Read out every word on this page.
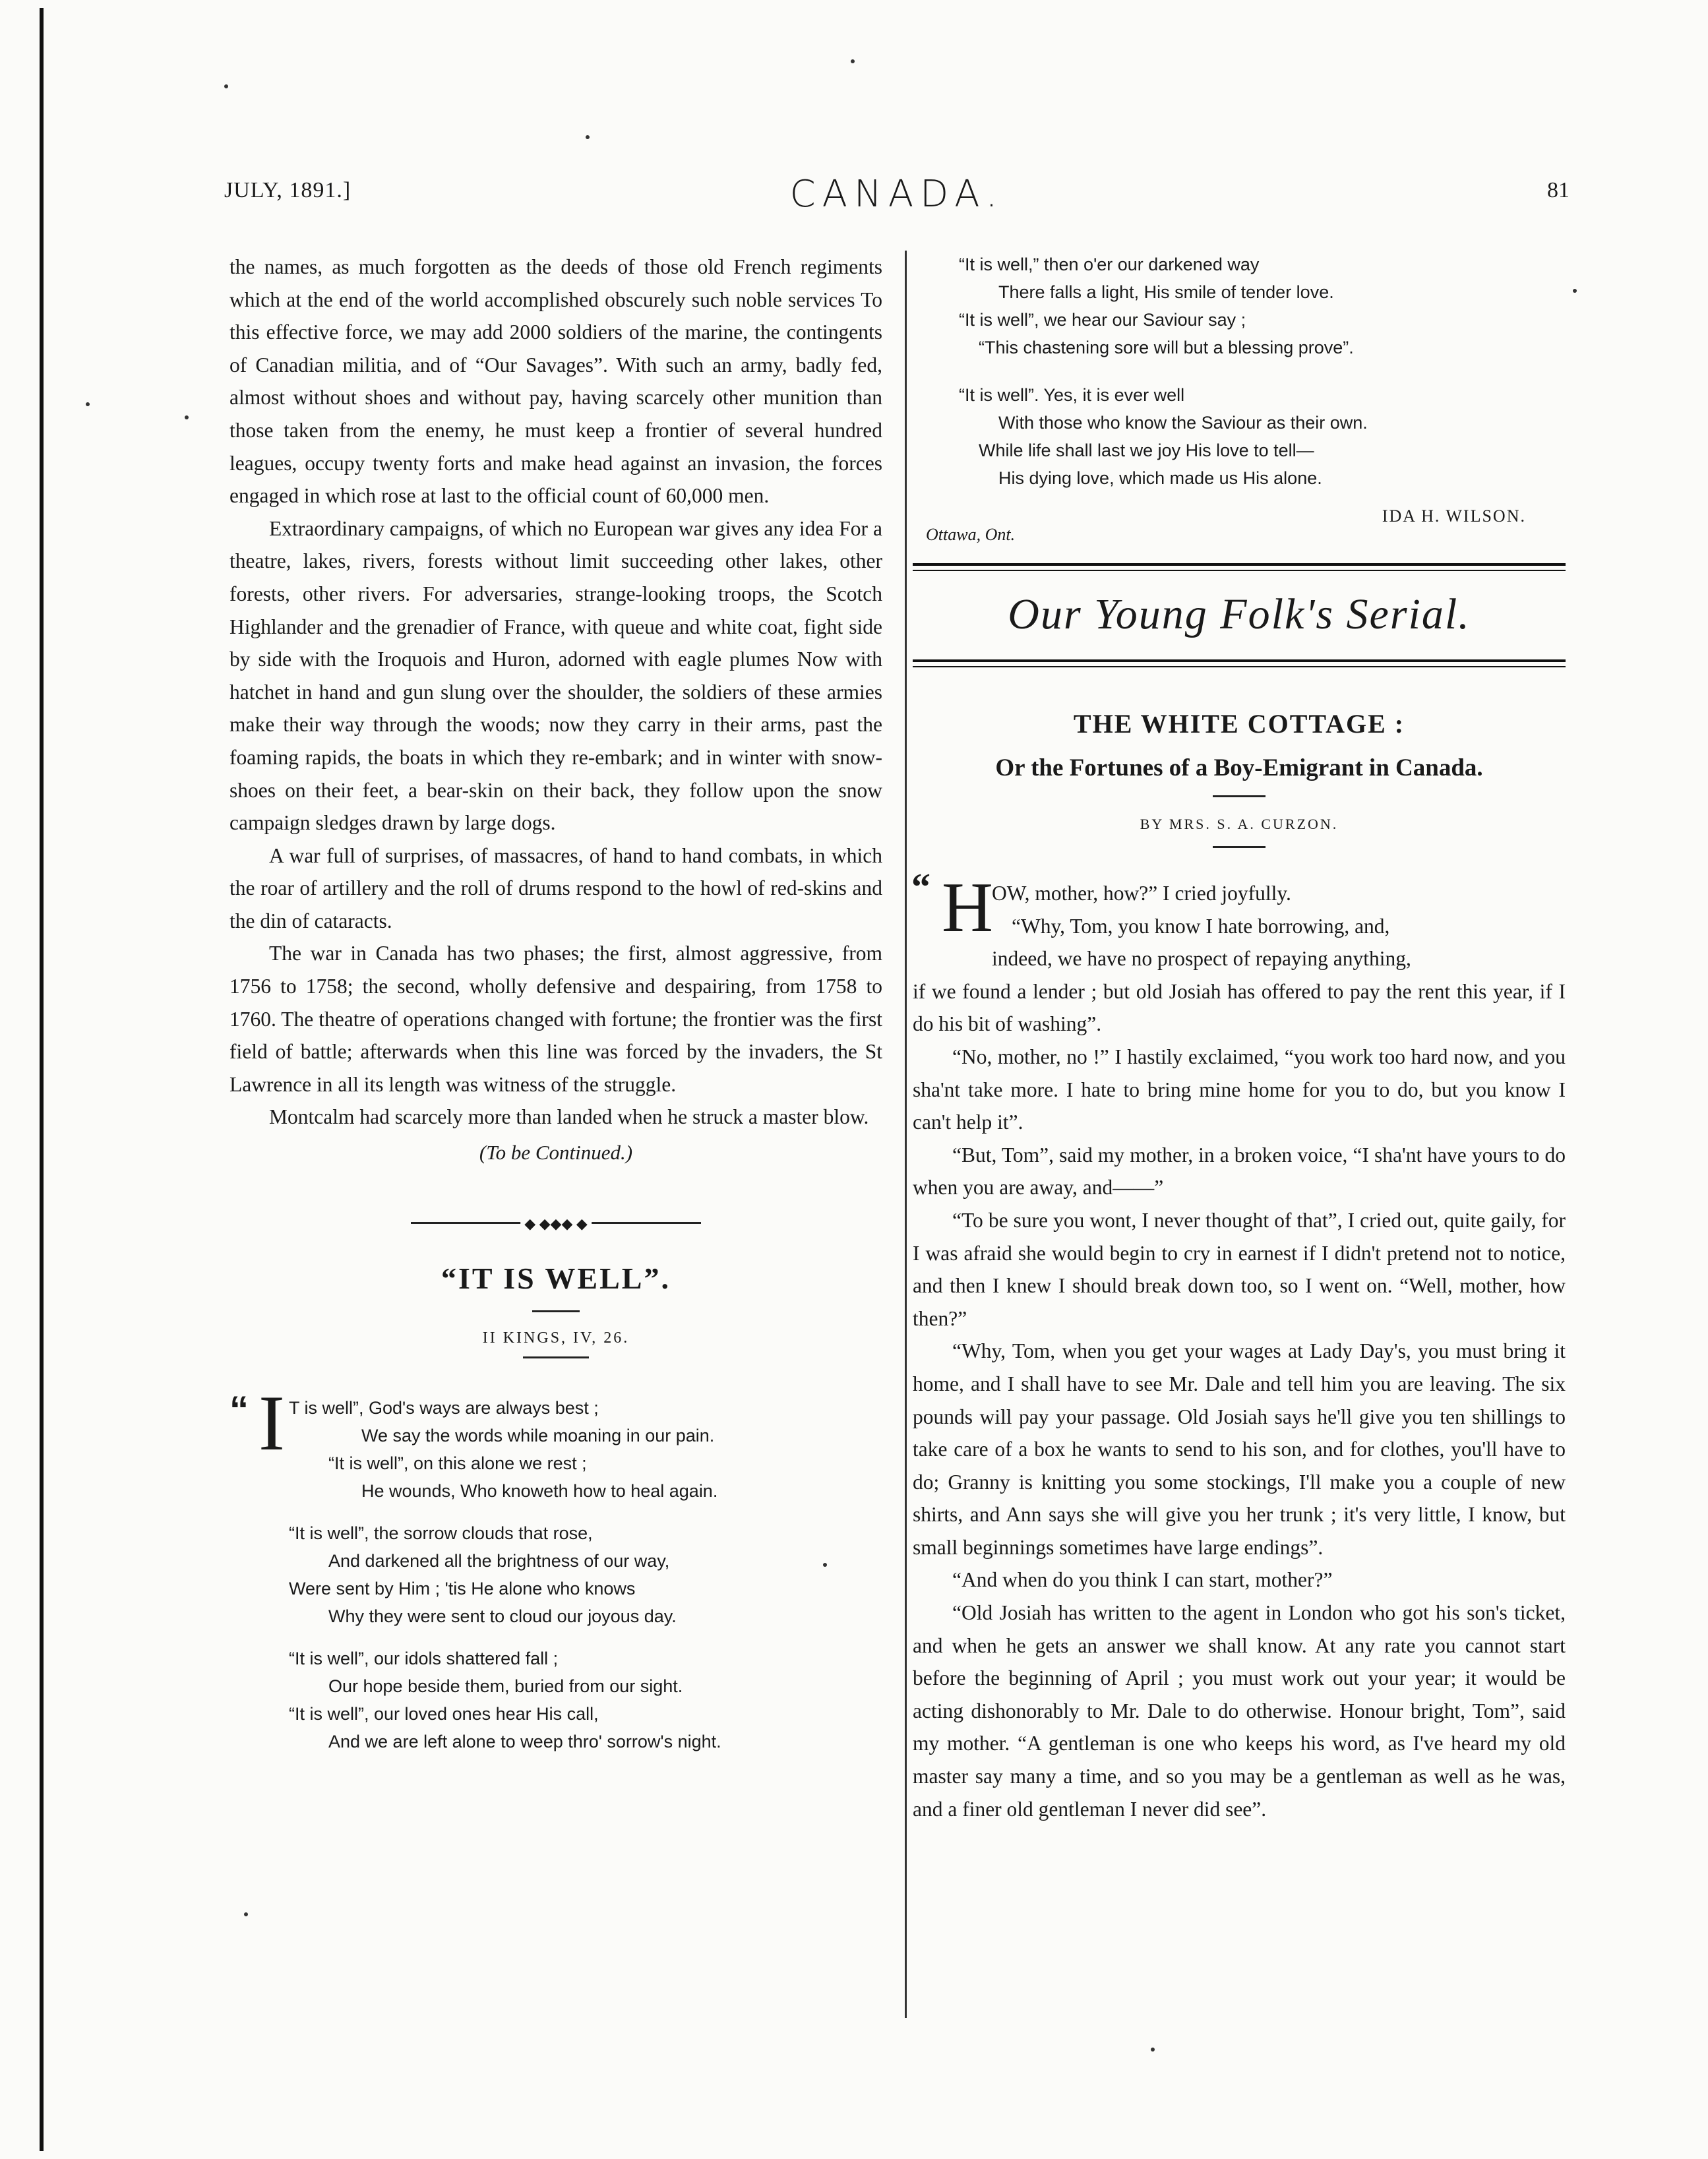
JULY, 1891.]	CANADA.	81

the names, as much forgotten as the deeds of those old French regiments which at the end of the world accomplished obscurely such noble services To this effective force, we may add 2000 soldiers of the marine, the contingents of Canadian militia, and of “Our Savages”. With such an army, badly fed, almost without shoes and without pay, having scarcely other munition than those taken from the enemy, he must keep a frontier of several hundred leagues, occupy twenty forts and make head against an invasion, the forces engaged in which rose at last to the official count of 60,000 men.

Extraordinary campaigns, of which no European war gives any idea For a theatre, lakes, rivers, forests without limit succeeding other lakes, other forests, other rivers. For adversaries, strange-looking troops, the Scotch Highlander and the grenadier of France, with queue and white coat, fight side by side with the Iroquois and Huron, adorned with eagle plumes Now with hatchet in hand and gun slung over the shoulder, the soldiers of these armies make their way through the woods; now they carry in their arms, past the foaming rapids, the boats in which they re-embark; and in winter with snow-shoes on their feet, a bear-skin on their back, they follow upon the snow campaign sledges drawn by large dogs.

A war full of surprises, of massacres, of hand to hand combats, in which the roar of artillery and the roll of drums respond to the howl of red-skins and the din of cataracts.

The war in Canada has two phases; the first, almost aggressive, from 1756 to 1758; the second, wholly defensive and despairing, from 1758 to 1760. The theatre of operations changed with fortune; the frontier was the first field of battle; afterwards when this line was forced by the invaders, the St Lawrence in all its length was witness of the struggle.

Montcalm had scarcely more than landed when he struck a master blow.

(To be Continued.)
◆ ◆◆◆ ◆
“IT IS WELL”.
II KINGS, IV, 26.
“ I T is well”, God's ways are always best ;
We say the words while moaning in our pain.
“It is well”, on this alone we rest ;
He wounds, Who knoweth how to heal again.
“It is well”, the sorrow clouds that rose,
And darkened all the brightness of our way,
Were sent by Him ; 'tis He alone who knows
Why they were sent to cloud our joyous day.
“It is well”, our idols shattered fall ;
Our hope beside them, buried from our sight.
“It is well”, our loved ones hear His call,
And we are left alone to weep thro' sorrow's night.
“It is well,” then o'er our darkened way
There falls a light, His smile of tender love.
“It is well”, we hear our Saviour say ;
“This chastening sore will but a blessing prove”.
“It is well”. Yes, it is ever well
With those who know the Saviour as their own.
While life shall last we joy His love to tell—
His dying love, which made us His alone.
IDA H. WILSON.
Ottawa, Ont.
Our Young Folk's Serial.
THE WHITE COTTAGE :
Or the Fortunes of a Boy-Emigrant in Canada.
BY MRS. S. A. CURZON.

“ H
OW, mother, how?” I cried joyfully.

“Why, Tom, you know I hate borrowing, and,

indeed, we have no prospect of repaying anything,

if we found a lender ; but old Josiah has offered to pay the rent this year, if I do his bit of washing”.

“No, mother, no !” I hastily exclaimed, “you work too hard now, and you sha'nt take more. I hate to bring mine home for you to do, but you know I can't help it”.

“But, Tom”, said my mother, in a broken voice, “I sha'nt have yours to do when you are away, and——”

“To be sure you wont, I never thought of that”, I cried out, quite gaily, for I was afraid she would begin to cry in earnest if I didn't pretend not to notice, and then I knew I should break down too, so I went on. “Well, mother, how then?”

“Why, Tom, when you get your wages at Lady Day's, you must bring it home, and I shall have to see Mr. Dale and tell him you are leaving. The six pounds will pay your passage. Old Josiah says he'll give you ten shillings to take care of a box he wants to send to his son, and for clothes, you'll have to do; Granny is knitting you some stockings, I'll make you a couple of new shirts, and Ann says she will give you her trunk ; it's very little, I know, but small beginnings sometimes have large endings”.

“And when do you think I can start, mother?”

“Old Josiah has written to the agent in London who got his son's ticket, and when he gets an answer we shall know. At any rate you cannot start before the beginning of April ; you must work out your year; it would be acting dishonorably to Mr. Dale to do otherwise. Honour bright, Tom”, said my mother. “A gentleman is one who keeps his word, as I've heard my old master say many a time, and so you may be a gentleman as well as he was, and a finer old gentleman I never did see”.
